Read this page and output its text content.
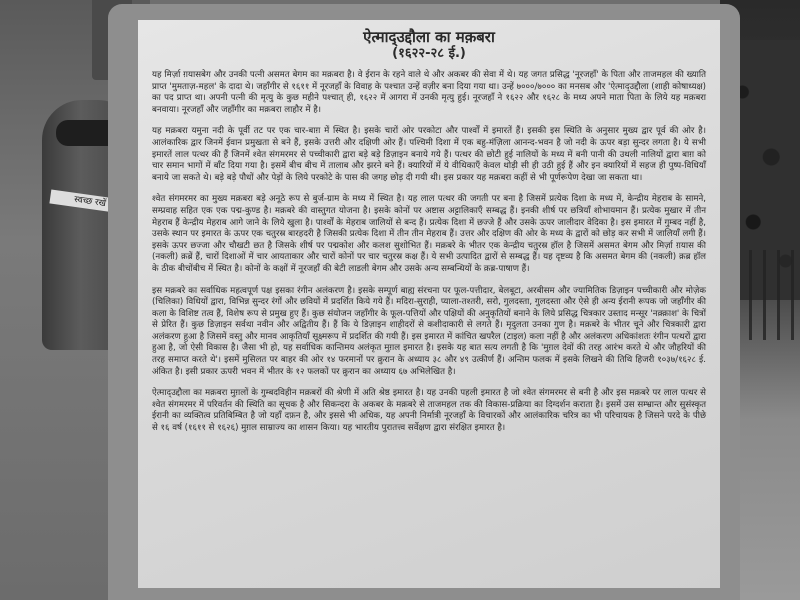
स्वच्छ रखें
ऐत्माद्उद्दौला का मक़बरा
(१६२२-२८ ई.)

यह मिर्ज़ा ग़यासबेग और उनकी पत्नी असमत बेगम का मक़बरा है। वे ईरान के रहने वाले थे और अकबर की सेवा में थे। यह जगत प्रसिद्ध 'नूरजहाँ' के पिता और ताजमहल की ख्याति प्राप्त 'मुमताज़-महल' के दादा थे। जहाँगीर से १६११ में नूरजहाँ के विवाह के पश्चात उन्हें वज़ीर बना दिया गया था। उन्हें ७०००/७००० का मनसब और 'ऐत्माद्उद्दौला (शाही कोषाध्यक्ष) का पद प्राप्त था। अपनी पत्नी की मृत्यु के कुछ महीने पश्चात् ही, १६२२ में आगरा में उनकी मृत्यु हुई। नूरजहाँ ने १६२२ और १६२८ के मध्य अपने माता पिता के लिये यह मक़बरा बनवाया। नूरजहाँ और जहाँगीर का मक़बरा लाहौर में है।

यह मक़बरा यमुना नदी के पूर्वी तट पर एक चार-बाग़ में स्थित है। इसके चारों ओर परकोटा और पार्श्वों में इमारतें हैं। इसकी इस स्थिति के अनुसार मुख्य द्वार पूर्व की ओर है। आलंकारिक द्वार जिनमें ईवान प्रमुखता से बने हैं, इसके उत्तरी और दक्षिणी ओर हैं। पश्चिमी दिशा में एक बहु-मंज़िला आनन्द-भवन है जो नदी के ऊपर बड़ा सुन्दर लगता है। ये सभी इमारतें लाल पत्थर की हैं जिनमें श्वेत संगमरमर से पच्चीकारी द्वारा बड़े बड़े डिज़ाइन बनाये गये हैं। पत्थर की छोटी हुई नालियों के मध्य में बनी पानी की उथली नालियों द्वारा बाग़ को चार समान भागों में बाँट दिया गया है। इसमें बीच बीच में तालाब और झरने बने हैं। क्यारियों में ये वीथिकाएँ केवल थोड़ी सी ही उठी हुई हैं और इन क्यारियों में सहज ही पुष्प-विधियाँ बनाये जा सकते थे। बड़े बड़े पौधों और पेड़ों के लिये परकोटे के पास की जगह छोड़ दी गयी थी। इस प्रकार यह मक़बरा कहीं से भी पूर्णरूपेण देखा जा सकता था।

श्वेत संगमरमर का मुख्य मक़बरा बड़े अनूठे रूप से बुर्ज-ग्राम के मध्य में स्थित है। यह लाल पत्थर की जगती पर बना है जिसमें प्रत्येक दिशा के मध्य में, केन्द्रीय मेहराब के सामने, सम्प्रवाह सहित एक एक पद्म-कुण्ड है। मक़बरे की वास्तुगत योजना है। इसके कोनों पर अष्टास अट्टालिकाएँ सम्बद्ध हैं। इनकी शीर्ष पर छत्रियाँ शोभायमान हैं। प्रत्येक मुखार में तीन मेहराब हैं केन्द्रीय मेहराब आगे जाने के लिये खुला है। पार्श्वों के मेहराब जालियों से बन्द हैं। प्रत्येक दिशा में छज्जे हैं और उसके ऊपर जालीदार वेदिका है। इस इमारत में गुम्बद नहीं है, उसके स्थान पर इमारत के ऊपर एक चतुरस्र बारहदरी है जिसकी प्रत्येक दिशा में तीन तीन मेहराब हैं। उत्तर और दक्षिण की ओर के मध्य के द्वारों को छोड़ कर सभी में जालियाँ लगी हैं। इसके ऊपर छज्जा और चौखटी छत है जिसके शीर्ष पर पद्मकोश और कलश सुशोभित हैं। मक़बरे के भीतर एक केन्द्रीय चतुरस्र हॉल है जिसमें असमत बेगम और मिर्ज़ा ग़यास की (नकली) क़ब्रें हैं, चारों दिशाओं में चार आयताकार और चारों कोनों पर चार चतुरस्र कक्ष हैं। ये सभी उत्पादित द्वारों से सम्बद्ध हैं। यह दृष्टव्य है कि असमत बेगम की (नकली) क़ब्र हॉल के ठीक बीचोंबीच में स्थित है। कोनों के कक्षों में नूरजहाँ की बेटी लाडली बेगम और उसके अन्य सम्बन्धियों के क़ब्र-पाषाण हैं।

इस मक़बरे का सर्वाधिक महत्वपूर्ण पक्ष इसका रंगीन अलंकरण है। इसके सम्पूर्ण बाह्य संरचना पर फूल-पत्तीदार, बेलबूटा, अरबीसम और ज्यामितिक डिज़ाइन पच्चीकारी और मोज़ेक (चिलिका) विधियों द्वारा, विभिन्न सुन्दर रंगों और छवियों में प्रदर्शित किये गये हैं। मदिरा-सुराही, प्याला-तश्तरी, सरो, गुलदस्ता, गुलदस्ता और ऐसे ही अन्य ईरानी रूपक जो जहाँगीर की कला के विशिष्ट तत्व हैं, विशेष रूप से प्रमुख हुए हैं। कुछ संयोजन जहाँगीर के फूल-पत्तियों और पक्षियों की अनुकृतियों बनाने के लिये प्रसिद्ध चित्रकार उस्ताद मन्सूर 'नक़्क़ाश' के चित्रों से प्रेरित हैं। कुछ डिज़ाइन सर्वथा नवीन और अद्वितीय हैं। हैं कि ये डिज़ाइन शाहीदरों से कशीदाकारी से लगते हैं। मृदुलता उनका गुण है। मक़बरे के भीतर चूने और चित्रकारी द्वारा अलंकरण हुआ है जिसमें वस्तु और मानव आकृतियाँ सूक्ष्मरूप में प्रदर्शित की गयी हैं। इस इमारत में कांचित खपरैल (टाइल) कला नहीं है और अलंकरण अधिकांशतः रंगीन पत्थरों द्वारा हुआ है, जो ऐसी विकास है। जैसा भी हो, यह सर्वाधिक कान्तिमय अलंकृत मुग़ल इमारत है। इसके यह बात सत्य लगती है कि 'मुग़ल देवों की तरह आरंभ करते थे और जौहरियों की तरह समाप्त करते थे'। इसमें मुसिलत पर बाहर की ओर १४ फरमानों पर क़ुरान के अध्याय ३८ और ४९ उत्कीर्ण हैं। अन्तिम फलक में इसके लिखने की तिथि हिजरी १०३७/१६२८ ई. अंकित है। इसी प्रकार ऊपरी भवन में भीतर के १२ फलकों पर क़ुरान का अध्याय ६७ अभिलेखित है।

ऐत्माद्उद्दौला का मक़बरा मुग़लों के गुम्बदविहीन मक़बरों की श्रेणी में अति श्रेष्ठ इमारत है। यह उनकी पहली इमारत है जो श्वेत संगमरमर से बनी है और इस मक़बरे पर लाल पत्थर से श्वेत संगमरमर में परिवर्तन की स्थिति का सूचक है और सिकन्दरा के अकबर के मक़बरे से ताजमहल तक की विकास-प्रक्रिया का दिग्दर्शन कराता है। इसमें उस सम्भ्रान्त और सुसंस्कृत ईरानी का व्यक्तित्व प्रतिबिम्बित है जो यहाँ दफ़न है, और इससे भी अधिक, यह अपनी निर्मात्री नूरजहाँ के विचारकों और आलंकारिक चरित्र का भी परिचायक है जिसने परदे के पीछे से १६ वर्ष (१६११ से १६२६) मुग़ल साम्राज्य का शासन किया। यह भारतीय पुरातत्त्व सर्वेक्षण द्वारा संरक्षित इमारत है।
